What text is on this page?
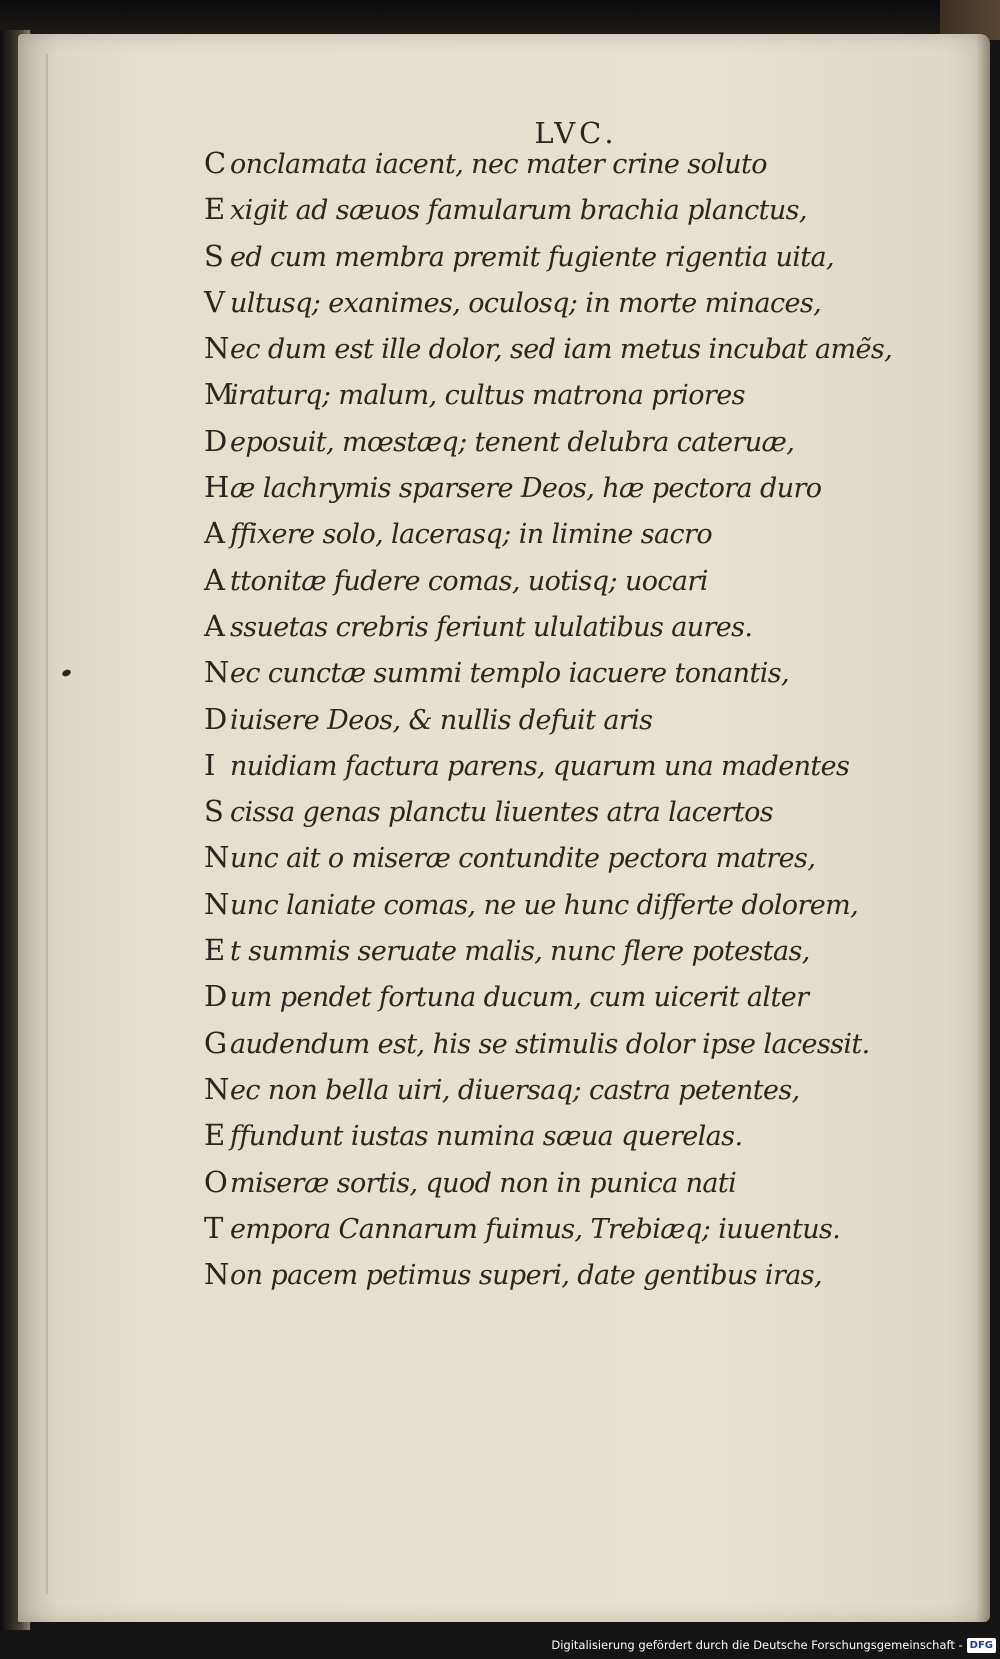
LVC.
C onclamata iacent, nec mater crine soluto
E xigit ad sæuos famularum brachia planctus,
S ed cum membra premit fugiente rigentia uita,
V ultusq; exanimes, oculosq; in morte minaces,
Nec dum est ille dolor, sed iam metus incubat amẽs,
Miraturq; malum, cultus matrona priores
D eposuit, mœstæq; tenent delubra cateruæ,
Hæ lachrymis sparsere Deos, hæ pectora duro
A ffixere solo, lacerasq; in limine sacro
A ttonitæ fudere comas, uotisq; uocari
A ssuetas crebris feriunt ululatibus aures.
Nec cunctæ summi templo iacuere tonantis,
D iuisere Deos, & nullis defuit aris
I nuidiam factura parens, quarum una madentes
S cissa genas planctu liuentes atra lacertos
Nunc ait o miseræ contundite pectora matres,
Nunc laniate comas, ne ue hunc differte dolorem,
E t summis seruate malis, nunc flere potestas,
D um pendet fortuna ducum, cum uicerit alter
G audendum est, his se stimulis dolor ipse lacessit.
Nec non bella uiri, diuersaq; castra petentes,
E ffundunt iustas numina sæua querelas.
Omiseræ sortis, quod non in punica nati
T empora Cannarum fuimus, Trebiæq; iuuentus.
Non pacem petimus superi, date gentibus iras,
Digitalisierung gefördert durch die Deutsche Forschungsgemeinschaft - DFG
